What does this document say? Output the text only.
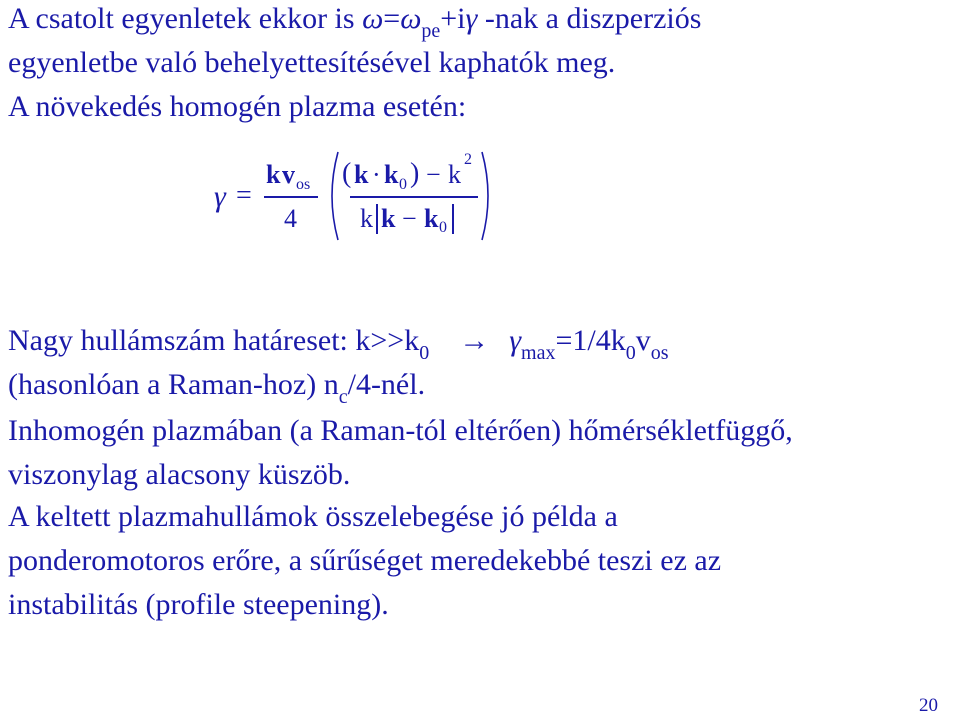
A csatolt egyenletek ekkor is $\omega=\omega_{pe}+i\gamma$ -nak a diszperziós
egyenletbe való behelyettesítésével kaphatók meg.
A növekedés homogén plazma esetén:
γ =
k v os
4
( k · k 0 ) − k
2
k k − k 0
Nagy hullámszám határeset: $k>>k_0 \to \gamma_{max}=1/4k_0v_{os}$
(hasonlóan a Raman-hoz) $n_c/4$-nél.
Inhomogén plazmában (a Raman-tól eltérően) hőmérsékletfüggő,
viszonylag alacsony küszöb.
A keltett plazmahullámok összelebegése jó példa a
ponderomotoros erőre, a sűrűséget meredekebbé teszi ez az
instabilitás (profile steepening).
20
